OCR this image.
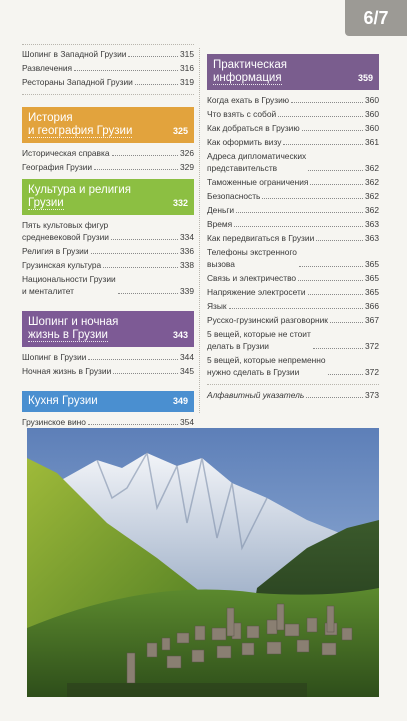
6/7
Шопинг в Западной Грузии	315
Развлечения	316
Рестораны Западной Грузии	319
История
и география Грузии	325
Историческая справка	326
География Грузии	329
Культура и религия
Грузии	332
Пять культовых фигур
средневековой Грузии	334
Религия в Грузии	336
Грузинская культура	338
Национальности Грузии
и менталитет	339
Шопинг и ночная
жизнь в Грузии	343
Шопинг в Грузии	344
Ночная жизнь в Грузии	345
Кухня Грузии	349
Грузинское вино	354
Практическая
информация	359
Когда ехать в Грузию	360
Что взять с собой	360
Как добраться в Грузию	360
Как оформить визу	361
Адреса дипломатических
представительств	362
Таможенные ограничения	362
Безопасность	362
Деньги	362
Время	363
Как передвигаться в Грузии	363
Телефоны экстренного
вызова	365
Связь и электричество	365
Напряжение электросети	365
Язык	366
Русско-грузинский разговорник	367
5 вещей, которые не стоит
делать в Грузии	372
5 вещей, которые непременно
нужно сделать в Грузии	372
Алфавитный указатель	373
